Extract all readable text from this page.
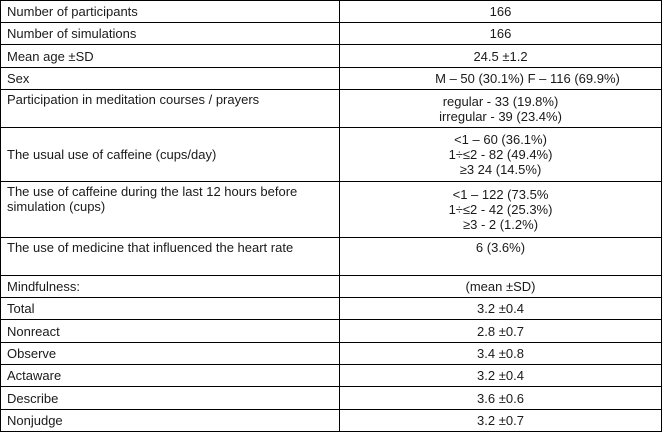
Number of participants	166
Number of simulations	166
Mean age ±SD	24.5 ±1.2
Sex	M – 50 (30.1%) F – 116 (69.9%)
Participation in meditation courses / prayers	regular - 33 (19.8%)
irregular - 39 (23.4%)

The usual use of caffeine (cups/day)	<1 – 60 (36.1%)
1÷≤2 - 82 (49.4%)
≥3 24 (14.5%)

The use of caffeine during the last 12 hours before simulation (cups)	<1 – 122 (73.5%
1÷≤2 - 42 (25.3%)
≥3 - 2 (1.2%)

The use of medicine that influenced the heart rate	6 (3.6%)
Mindfulness:	(mean ±SD)
Total	3.2 ±0.4
Nonreact	2.8 ±0.7
Observe	3.4 ±0.8
Actaware	3.2 ±0.4
Describe	3.6 ±0.6
Nonjudge	3.2 ±0.7
